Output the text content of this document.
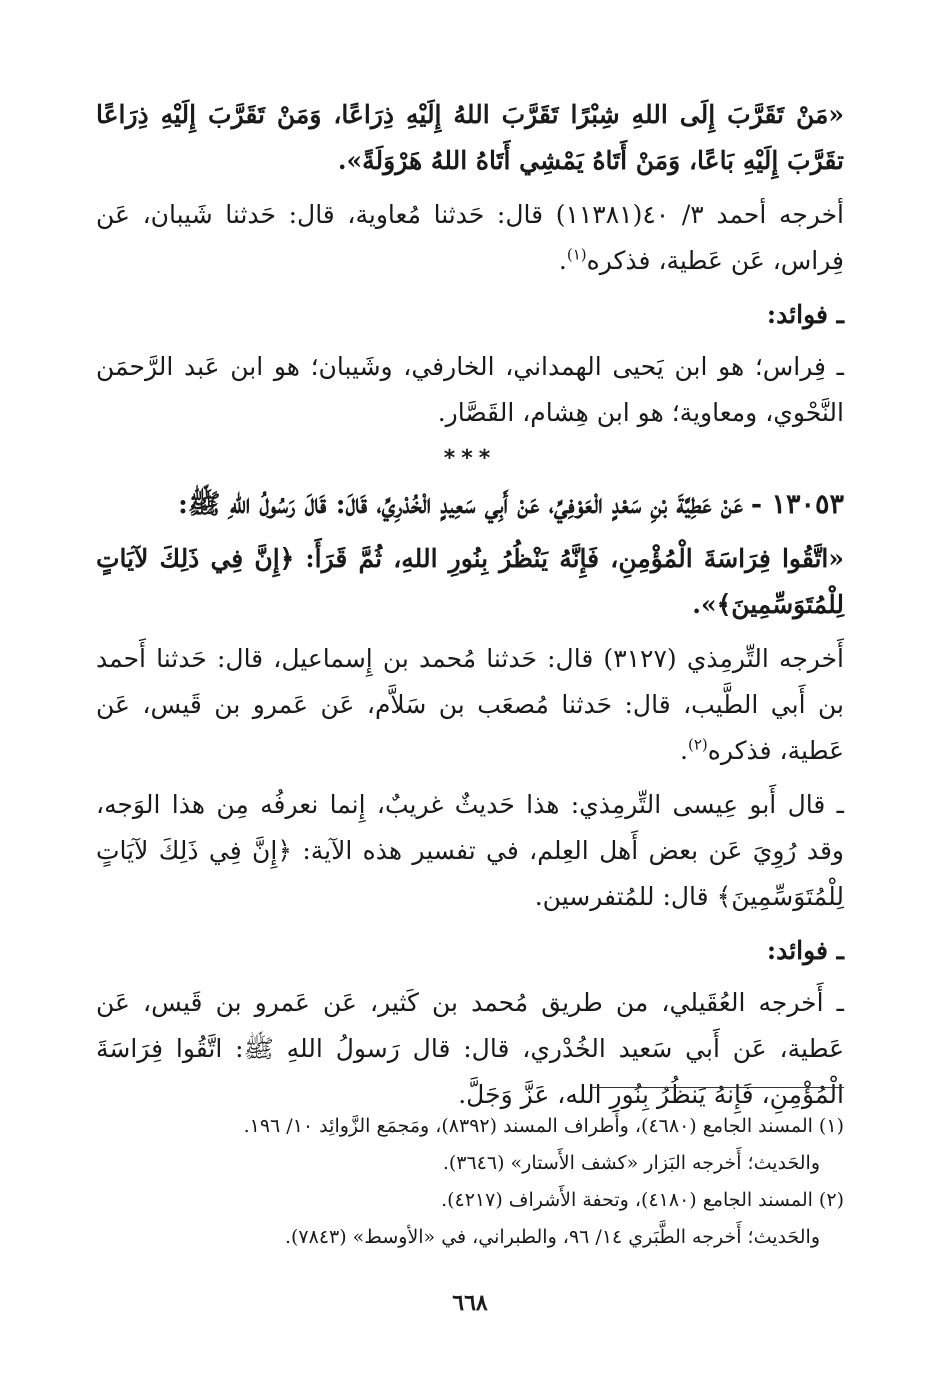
«مَنْ تَقَرَّبَ إِلَى اللهِ شِبْرًا تَقَرَّبَ اللهُ إِلَيْهِ ذِرَاعًا، وَمَنْ تَقَرَّبَ إِلَيْهِ ذِرَاعًا تقَرَّبَ إِلَيْهِ بَاعًا، وَمَنْ أَتَاهُ يَمْشِي أَتَاهُ اللهُ هَرْوَلَةً».

أخرجه أحمد ٣/ ٤٠(١١٣٨١) قال: حَدثنا مُعاوية، قال: حَدثنا شَيبان، عَن فِراس، عَن عَطية، فذكره$^{(١)}$.

ـ فوائد:

ـ فِراس؛ هو ابن يَحيى الهمداني، الخارفي، وشَيبان؛ هو ابن عَبد الرَّحمَن النَّحْوي، ومعاوية؛ هو ابن هِشام، القَصَّار.

***

١٣٠٥٣ - عَنْ عَطِيَّةَ بْنِ سَعْدٍ الْعَوْفِيِّ، عَنْ أَبِي سَعِيدٍ الْخُدْرِيِّ، قَالَ: قَالَ رَسُولُ اللهِ ﷺ:

«اتَّقُوا فِرَاسَةَ الْمُؤْمِنِ، فَإِنَّهُ يَنْظُرُ بِنُورِ اللهِ، ثُمَّ قَرَأَ: ﴿إِنَّ فِي ذَلِكَ لآيَاتٍ لِلْمُتَوَسِّمِينَ﴾».

أَخرجه التِّرمِذي (٣١٢٧) قال: حَدثنا مُحمد بن إِسماعيل، قال: حَدثنا أَحمد بن أَبي الطَّيب، قال: حَدثنا مُصعَب بن سَلاَّم، عَن عَمرو بن قَيس، عَن عَطية، فذكره$^{(٢)}$.

ـ قال أَبو عِيسى التِّرمِذي: هذا حَديثٌ غريبٌ، إِنما نعرفُه مِن هذا الوَجه، وقد رُوِيَ عَن بعض أَهل العِلم، في تفسير هذه الآية: ﴿إِنَّ فِي ذَلِكَ لآيَاتٍ لِلْمُتَوَسِّمِينَ﴾ قال: للمُتفرسين.

ـ فوائد:

ـ أَخرجه العُقَيلي، من طريق مُحمد بن كَثير، عَن عَمرو بن قَيس، عَن عَطية، عَن أَبي سَعيد الخُدْري، قال: قال رَسولُ اللهِ ﷺ: اتَّقُوا فِرَاسَةَ الْمُؤْمِنِ، فَإِنهُ يَنظُرُ بِنُورِ الله، عَزَّ وَجَلَّ.

(١) المسند الجامع (٤٦٨٠)، وأَطراف المسند (٨٣٩٢)، ومَجمَع الزَّوائِد ١٠/ ١٩٦.

والحَديث؛ أَخرجه البَزار «كشف الأَستار» (٣٦٤٦).

(٢) المسند الجامع (٤١٨٠)، وتحفة الأَشراف (٤٢١٧).

والحَديث؛ أَخرجه الطَّبَري ١٤/ ٩٦، والطبراني، في «الأوسط» (٧٨٤٣).

٦٦٨
